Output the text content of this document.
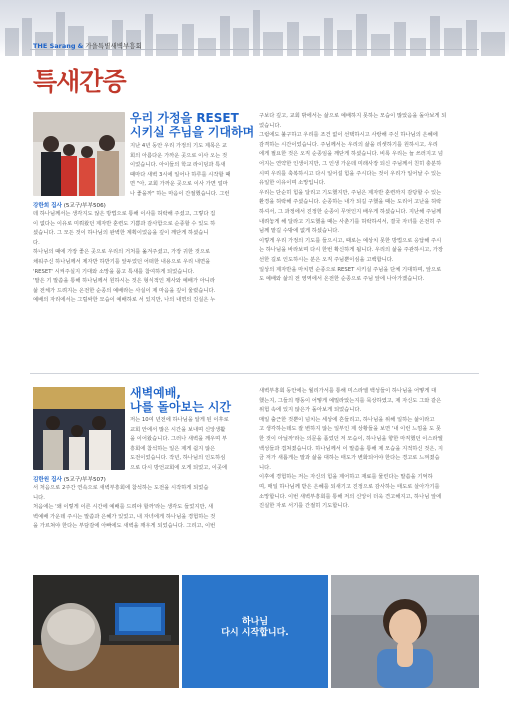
THE Sarang & 가을특별새벽부흥회
특새간증
강한희 집사 (5교구/부부506)
우리 가정을 RESET
시키실 주님을 기대하며

지난 4년 동안 우리 가정의 기도 제목은 교

회의 아름다운 가까운 곳으로 이사 오는 것

이었습니다. 아이들의 학교 라이딩과 특새

때마다 새벽 3시에 일어나 하루를 시작할 때

면 "아, 교회 가까운 곳으로 이사 가면 얼마

나 좋을까" 하는 마음이 간절했습니다. 그런

데 하나님께서는 생각지도 않은 방법으로 통해 이사를 허락해 주셨고, 그렇다 집

이 없다는 이유로 미뤄왔던 제자반 훈련도 기쁨과 감사함으로 순종할 수 있도 하

셨습니다. 그 모든 것이 하나님의 완벽한 계획이었음을 깊이 깨닫게 하셨습니

다.

하나님의 때에 가장 좋은 곳으로 우리의 거처를 옮겨주셨고, 가장 귀한 것으로

채워주신 하나님께서 제자반 하반기를 앞두었던 어떠한 내용으로 우리 내면을

'RESET' 시켜주실지 기대와 소망을 품고 특새를 참여하게 되었습니다.

'말은 기 말씀을 통해 하나님께서 원하시는 것은 형식적인 제사와 예배가 아니라

삶 전체가 드려지는 온전한 순종의 예배라는 사실이 제 마음을 깊이 울렸습니다.

예배의 자리에서는 그럴싸한 모습이 예배하로 서 있지만, 나의 내면의 진실은 누

구보다 깊고, 교회 밖에서는 삶으로 예배하지 못하는 모습이 많았음을 돌아보게 되

었습니다.

그럼에도 불구하고 우리를 조건 없이 선택하시고 사랑해 주신 하나님의 은혜에

감격하는 시간이었습니다. 주님께서는 우리의 삶을 리셋하기를 원하시고, 우리

에게 필요한 것은 오직 순종임을 깨닫게 하셨습니다. 비록 우리는 늘 쓰러지고 넘

어지는 연약한 인생이지만, 그 인생 가운데 미래사장 되신 주님께서 친히 충분하

시며 우리를 축복하시고 다시 일어설 힘을 주시다는 것이 우리가 일어날 수 있는

유일한 이유이며 소망입니다.

우리는 단순히 힘을 달리고 기도했지만, 주님은 제자반 훈련까지 감당할 수 있는

환경을 허락해 주셨습니다. 순종하는 내가 되길 구했을 때는 도리어 고난을 허락

하셔서, 그 과정에서 진정한 순종이 무엇인지 배우게 하셨습니다. 지난해 주님께

내려놓게 해 달라고 기도했을 때는 사춘기를 허락하셔서, 결국 자녀를 온전히 주

님께 맡길 수밖에 없게 하셨습니다.

이렇게 우리 가정의 기도를 들으시고, 때로는 예상치 못한 방법으로 응답해 주시

는 하나님을 바라보며 다시 한번 확신하게 됩니다. 우리의 삶을 주관하시고, 가장

선한 길로 인도하시는 분은 오직 주님뿐이심을 고백합니다.

일상의 제자반을 마치면 순종으로 RESET 시키실 주님을 단체 기대하며, 앞으로

도 예배와 삶의 전 영역에서 온전한 순종으로 주님 앞에 나아가겠습니다.

김한원 집사 (5교구/부부507)
새벽예배,
나를 돌아보는 시간

저는 10여 년전에 하나님을 알게 된 이후로

교회 안에서 많은 시간을 보내며 신앙생활

을 이어왔습니다. 그러나 새벽을 깨우며 부

흥회에 참석하는 일은 제게 쉽지 않은

도전이었습니다. 작년, 하나님의 인도하심

으로 다시 방언교회에 오게 되었고, 이곳에

서 처음으로 2주간 연속으로 새벽부흥회에 참석하는 도전을 시작하게 되었습

니다.

처음에는 '왜 이렇게 이른 시간에 예배를 드려야 할까'라는 생각도 들었지만, 새

벽예배 가운데 주시는 말씀과 은혜가 있었고, 내 자녀에게 하나님을 경험하는 것

을 가르쳐야 한다는 부담감에 아빠에도 새벽을 깨우게 되었습니다. 그리고, 이번

새벽부흥회 동안에는 월리가서를 통해 미스라엘 백성들이 하나님을 어떻게 대

했는지, 그들의 행동이 어떻게 예밀라았는지를 묵상하였고, 제 자신도 그와 같은

위험 속에 있지 않은가 돌아보게 되었습니다.

매일 출근한 것뿐이 넘치는 세상에 흔들리고, 하나님을 위해 일하는 삶이라고

고 생각하는데도 잘 변하지 않는 일부인 제 상황들을 보면 '내 이런 느낌을 도 못

한 것이 아닐까'라는 의문을 품었던 저 모습이, 하나님을 향한 마직했던 이스라엘

백성들과 겹쳐졌습니다. 하나님께서 이 말씀을 통해 제 모습을 지적하신 것은, 지

금 저가 새롭게는 말과 삶을 대하는 태도가 변화되어야 한다는 경고로 느껴졌습

니다.

이후에 경험하는 저는 자신의 힘을 제어하고 재료를 물린다는 말씀을 기억하

며, 매일 하나님께 받은 은혜를 되새기고 진정으로 감사하는 태도로 살아가기를

소망합니다. 이번 새벽부흥회를 통해 저의 신앙이 더욱 견고해지고, 하나님 앞에

진실한 자로 서기를 간절히 기도합니다.

하나님
다시 시작합니다.
